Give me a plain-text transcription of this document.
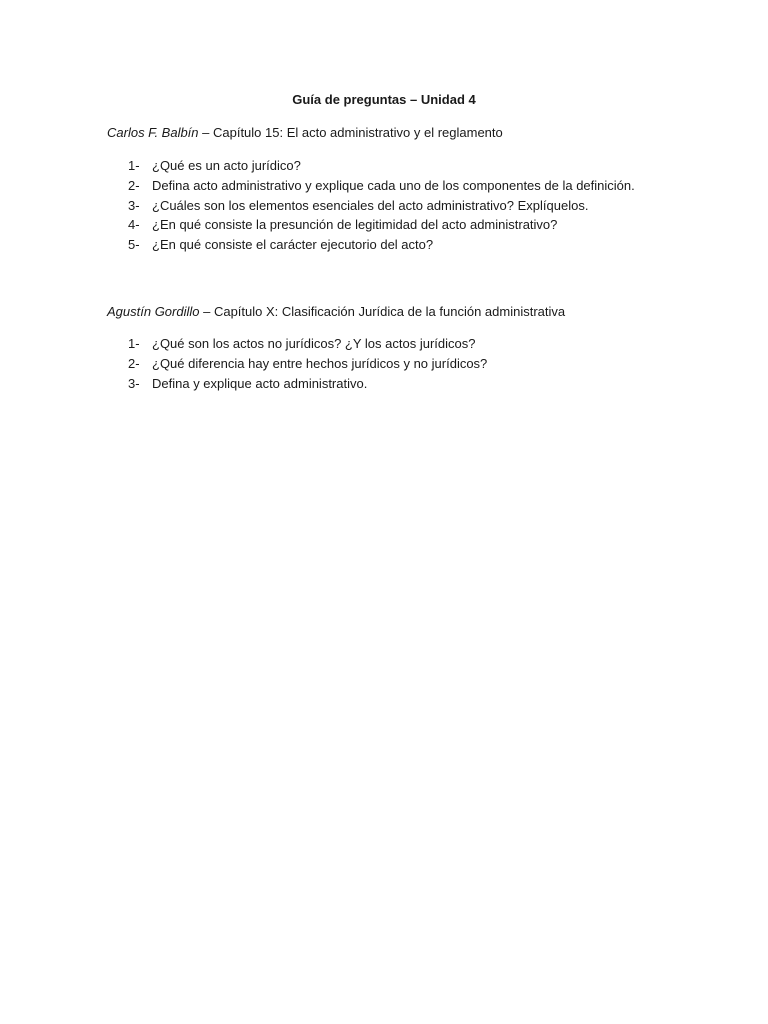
Guía de preguntas – Unidad 4
Carlos F. Balbín – Capítulo 15: El acto administrativo y el reglamento
1- ¿Qué es un acto jurídico?
2- Defina acto administrativo y explique cada uno de los componentes de la definición.
3- ¿Cuáles son los elementos esenciales del acto administrativo? Explíquelos.
4- ¿En qué consiste la presunción de legitimidad del acto administrativo?
5- ¿En qué consiste el carácter ejecutorio del acto?
Agustín Gordillo – Capítulo X: Clasificación Jurídica de la función administrativa
1- ¿Qué son los actos no jurídicos? ¿Y los actos jurídicos?
2- ¿Qué diferencia hay entre hechos jurídicos y no jurídicos?
3- Defina y explique acto administrativo.
